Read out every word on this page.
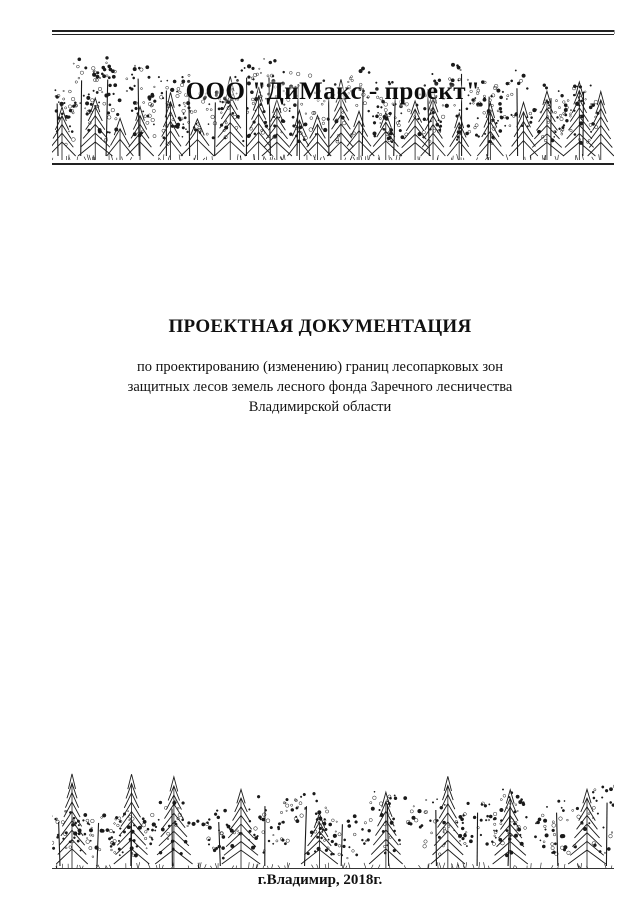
ООО "ДиМакс - проект"
ПРОЕКТНАЯ ДОКУМЕНТАЦИЯ
по проектированию (изменению) границ лесопарковых зон
защитных лесов земель лесного фонда Заречного лесничества
Владимирской области
г.Владимир, 2018г.
